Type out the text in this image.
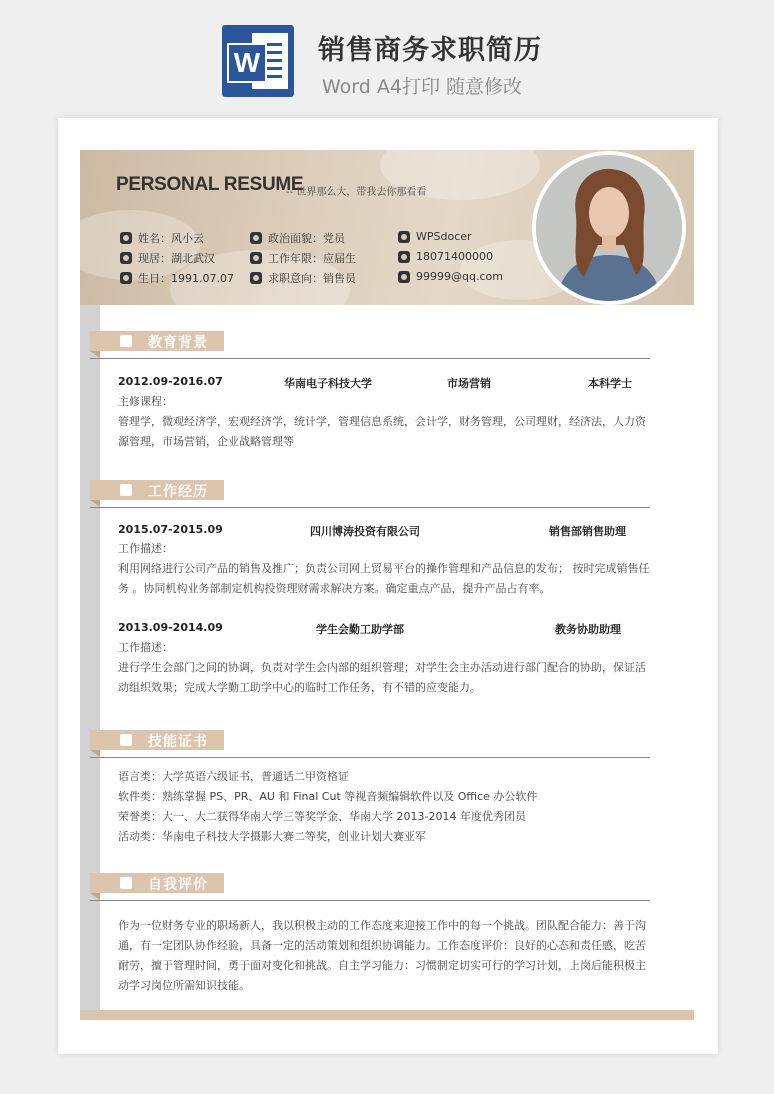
W 销售商务求职简历
Word A4打印 随意修改
PERSONAL RESUME
-- 世界那么大，带我去你那看看
姓名：风小云
现居：湖北武汉
生日：1991.07.07
政治面貌：党员
工作年限：应届生
求职意向：销售员
WPSdocer
18071400000
99999@qq.com
教育背景
2012.09-2016.07	华南电子科技大学	市场营销	本科学士
主修课程：
管理学，微观经济学，宏观经济学，统计学，管理信息系统，会计学，财务管理，公司理财，经济法，人力资源管理，市场营销，企业战略管理等
工作经历
2015.07-2015.09	四川博涛投资有限公司	销售部销售助理
工作描述：
利用网络进行公司产品的销售及推广；负责公司网上贸易平台的操作管理和产品信息的发布； 按时完成销售任务 。协同机构业务部制定机构投资理财需求解决方案。确定重点产品，提升产品占有率。
2013.09-2014.09	学生会勤工助学部	教务协助助理
工作描述：
进行学生会部门之间的协调，负责对学生会内部的组织管理；对学生会主办活动进行部门配合的协助，保证活动组织效果；完成大学勤工助学中心的临时工作任务，有不错的应变能力。
技能证书
语言类：大学英语六级证书，普通话二甲资格证
软件类：熟练掌握 PS、PR、AU 和 Final Cut 等视音频编辑软件以及 Office 办公软件
荣誉类：大一、大二获得华南大学三等奖学金、华南大学 2013-2014 年度优秀团员
活动类：华南电子科技大学摄影大赛二等奖，创业计划大赛亚军
自我评价
作为一位财务专业的职场新人，我以积极主动的工作态度来迎接工作中的每一个挑战。团队配合能力：善于沟通，有一定团队协作经验，具备一定的活动策划和组织协调能力。工作态度评价：良好的心态和责任感，吃苦耐劳，擅于管理时间，勇于面对变化和挑战。自主学习能力：习惯制定切实可行的学习计划，上岗后能积极主动学习岗位所需知识技能。
